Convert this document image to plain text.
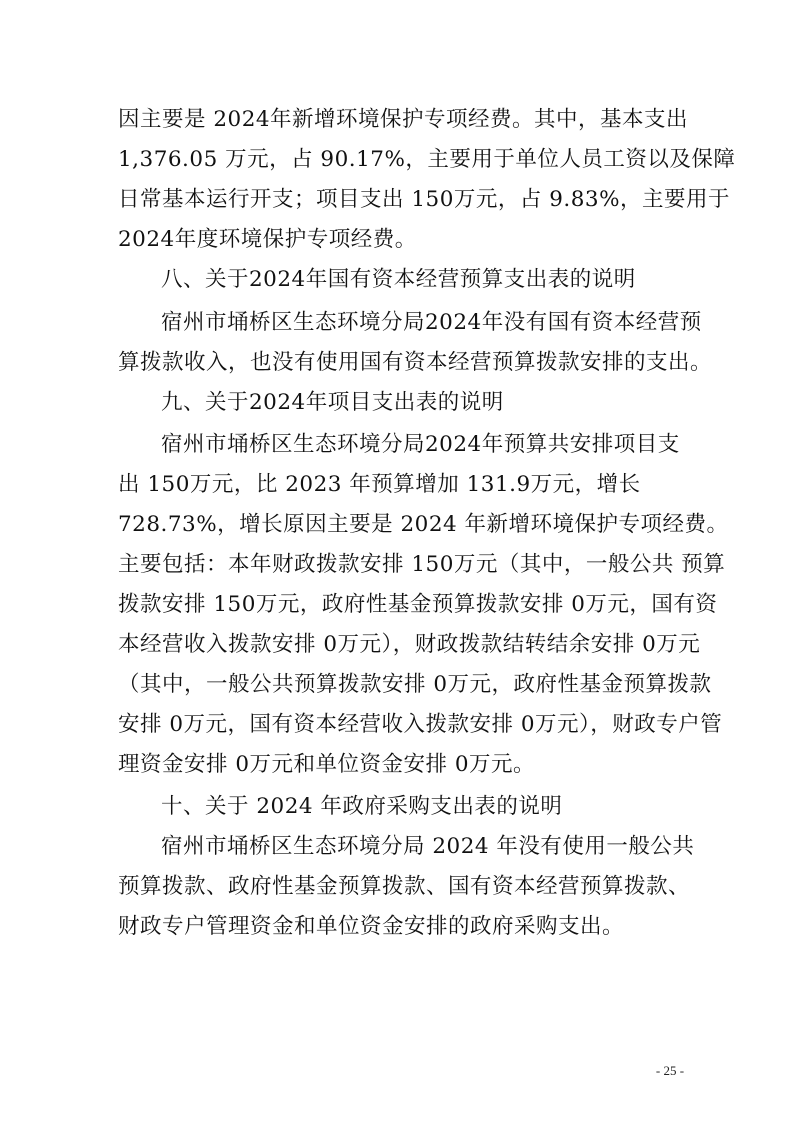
因主要是 2024年新增环境保护专项经费。其中，基本支出
1,376.05 万元，占 90.17%，主要用于单位人员工资以及保障
日常基本运行开支；项目支出 150万元，占 9.83%，主要用于
2024年度环境保护专项经费。
八、关于2024年国有资本经营预算支出表的说明
宿州市埇桥区生态环境分局2024年没有国有资本经营预
算拨款收入，也没有使用国有资本经营预算拨款安排的支出。
九、关于2024年项目支出表的说明
宿州市埇桥区生态环境分局2024年预算共安排项目支
出 150万元，比 2023 年预算增加 131.9万元，增长
728.73%，增长原因主要是 2024 年新增环境保护专项经费。
主要包括：本年财政拨款安排 150万元（其中，一般公共 预算
拨款安排 150万元，政府性基金预算拨款安排 0万元，国有资
本经营收入拨款安排 0万元），财政拨款结转结余安排 0万元
（其中，一般公共预算拨款安排 0万元，政府性基金预算拨款
安排 0万元，国有资本经营收入拨款安排 0万元），财政专户管
理资金安排 0万元和单位资金安排 0万元。
十、关于 2024 年政府采购支出表的说明
宿州市埇桥区生态环境分局 2024 年没有使用一般公共
预算拨款、政府性基金预算拨款、国有资本经营预算拨款、
财政专户管理资金和单位资金安排的政府采购支出。
- 25 -
